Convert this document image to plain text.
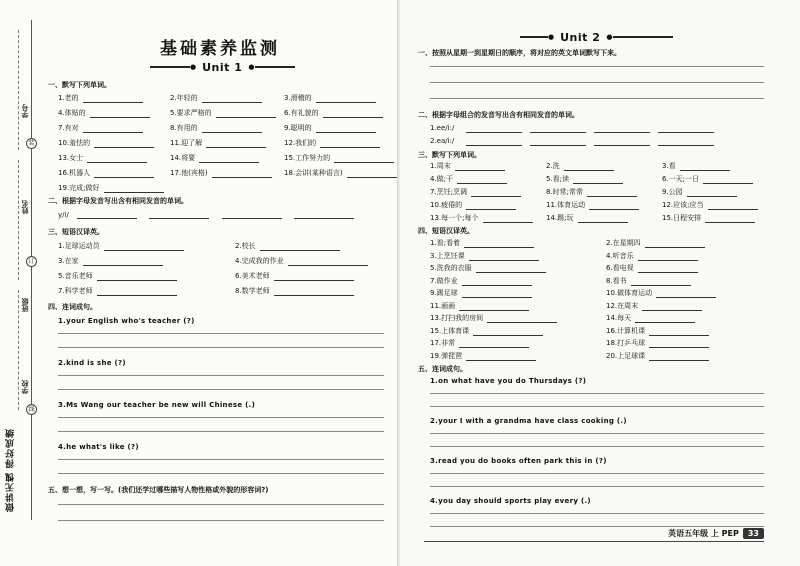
学号
姓名
班级
学校
装
订
线
做讲无愧 得好成绩
基础素养监测
● Unit 1 ●
一、默写下列单词。
1.老的	2.年轻的	3.滑稽的
4.体贴的	5.要求严格的	6.有礼貌的
7.有对	8.有用的	9.聪明的
10.羞怯的	11.迎了解	12.我们的
13.女士	14.将要	15.工作努力的
16.机器人	17.他(宾格)	18.会讲(某种语言)
19.完成;做好
二、根据字母发音写出含有相同发音的单词。
y/i/
三、短语汉译英。
1.足球运动员	2.校长
3.在家	4.完成我的作业
5.音乐老师	6.美术老师
7.科学老师	8.数学老师
四、连词成句。
1.your English who's teacher (?)
2.kind is she (?)
3.Ms Wang our teacher be new will Chinese (.)
4.he what's like (?)
五、想一想，写一写。(我们还学过哪些描写人物性格或外貌的形容词?)
● Unit 2 ●
一、按照从星期一到星期日的顺序，将对应的英文单词默写下来。
二、根据字母组合的发音写出含有相同发音的单词。
1.ee/i:/
2.ea/i:/
三、默写下列单词。
1.周末	2.洗	3.看
4.做;干	5.看;读	6.一天;一日
7.烹饪;烹调	8.时常;常常	9.公园
10.疲倦的	11.体育运动	12.应该;应当
13.每一个;每个	14.踢;玩	15.日程安排
四、短语汉译英。
1.看;看着	2.在星期四
3.上烹饪课	4.听音乐
5.洗我的衣服	6.看电视
7.做作业	8.看书
9.踢足球	10.做体育运动
11.画画	12.在周末
13.打扫我的房间	14.每天
15.上体育课	16.计算机课
17.非常	18.打乒乓球
19.弹琵琶	20.上足球课
五、连词成句。
1.on what have you do Thursdays (?)
2.your I with a grandma have class cooking (.)
3.read you do books often park this in (?)
4.you day should sports play every (.)
英语五年级 上 PEP	33
